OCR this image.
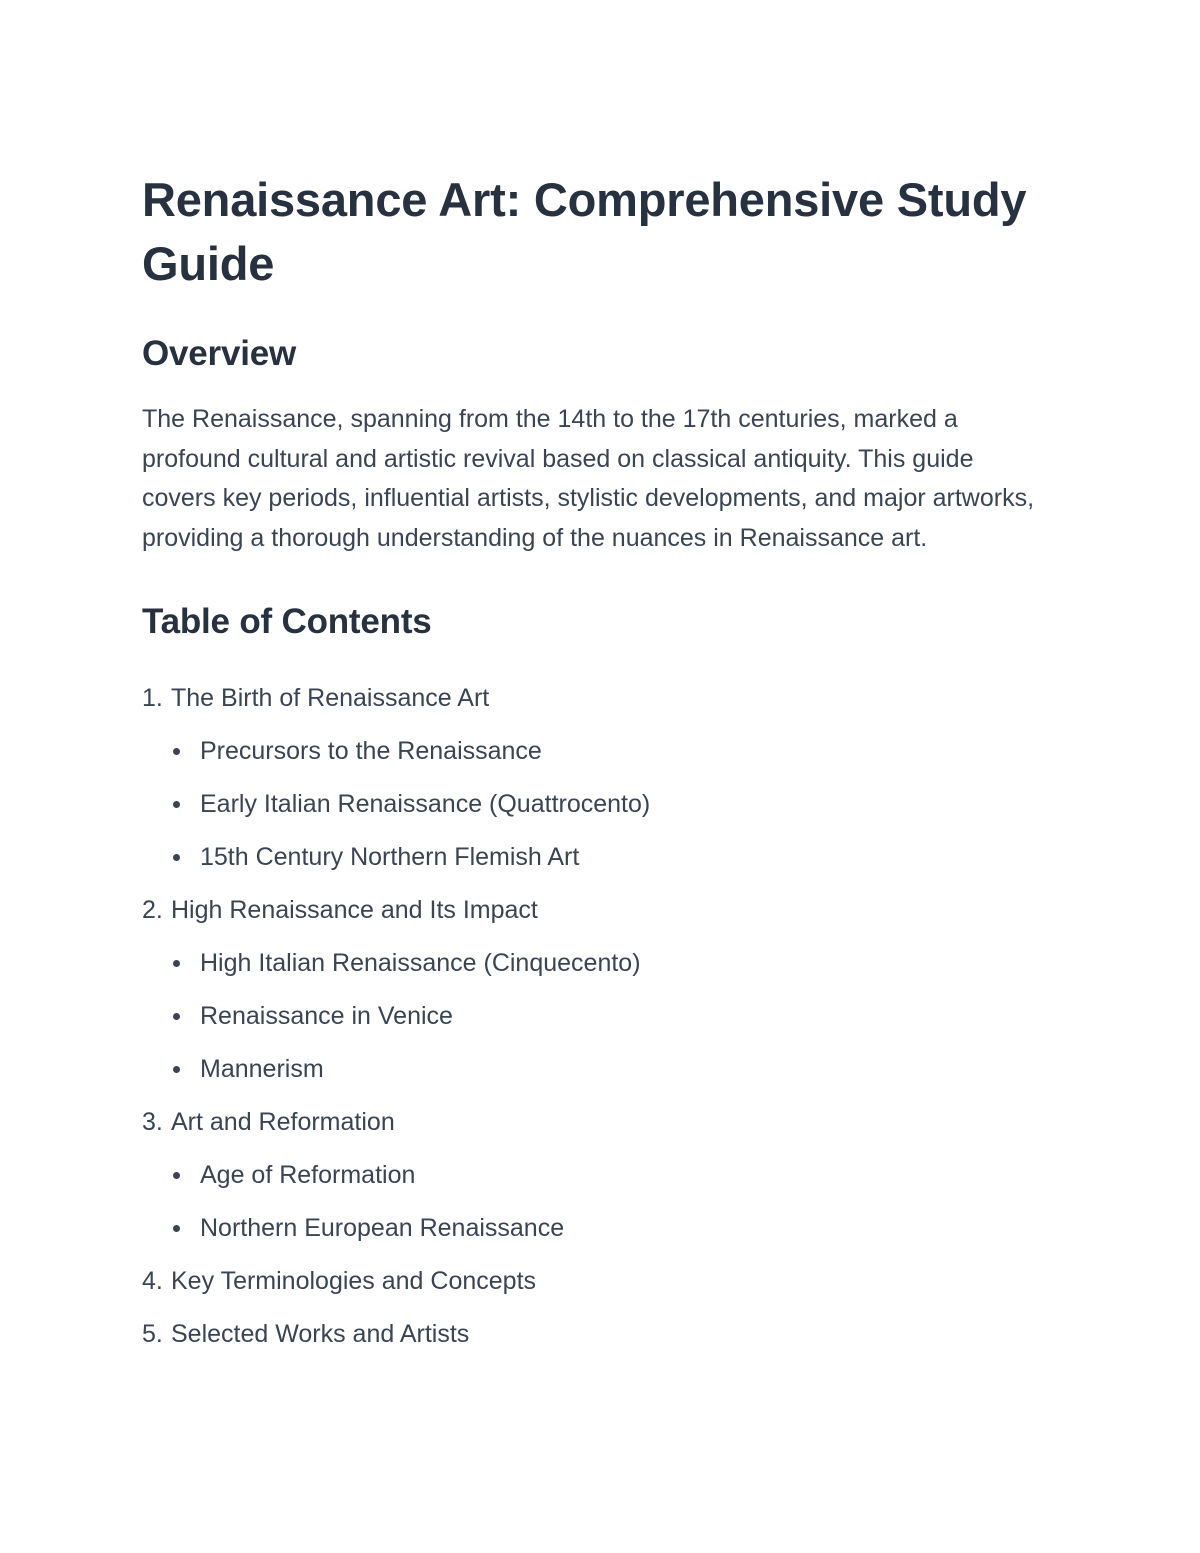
Renaissance Art: Comprehensive Study Guide
Overview

The Renaissance, spanning from the 14th to the 17th centuries, marked a profound cultural and artistic revival based on classical antiquity. This guide covers key periods, influential artists, stylistic developments, and major artworks, providing a thorough understanding of the nuances in Renaissance art.

Table of Contents
1. The Birth of Renaissance Art
Precursors to the Renaissance
Early Italian Renaissance (Quattrocento)
15th Century Northern Flemish Art
2. High Renaissance and Its Impact
High Italian Renaissance (Cinquecento)
Renaissance in Venice
Mannerism
3. Art and Reformation
Age of Reformation
Northern European Renaissance
4. Key Terminologies and Concepts
5. Selected Works and Artists
